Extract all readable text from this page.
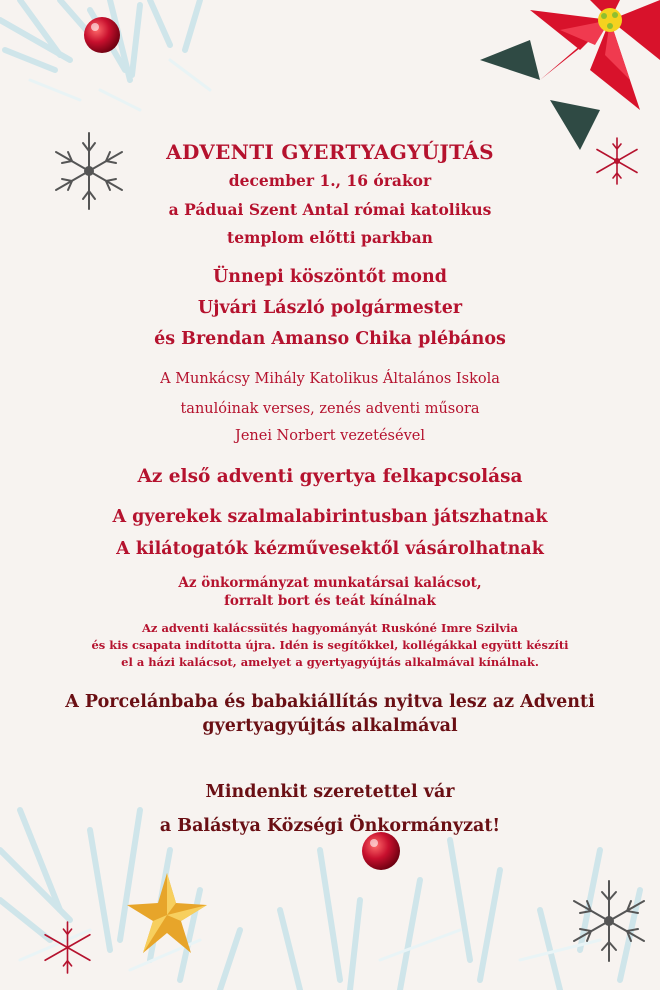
ADVENTI GYERTYAGYÚJTÁS
december 1., 16 órakor
a Páduai Szent Antal római katolikus
templom előtti parkban
Ünnepi köszöntőt mond
Ujvári László polgármester
és Brendan Amanso Chika plébános
A Munkácsy Mihály Katolikus Általános Iskola
tanulóinak verses, zenés adventi műsora
Jenei Norbert vezetésével
Az első adventi gyertya felkapcsolása
A gyerekek szalmalabirintusban játszhatnak
A kilátogatók kézművesektől vásárolhatnak
Az önkormányzat munkatársai kalácsot,
forralt bort és teát kínálnak
Az adventi kalácssütés hagyományát Ruskóné Imre Szilvia
és kis csapata indította újra. Idén is segítőkkel, kollégákkal együtt készíti
el a házi kalácsot, amelyet a gyertyagyújtás alkalmával kínálnak.
A Porcelánbaba és babakiállítás nyitva lesz az Adventi
gyertyagyújtás alkalmával
Mindenkit szeretettel vár
a Balástya Községi Önkormányzat!
